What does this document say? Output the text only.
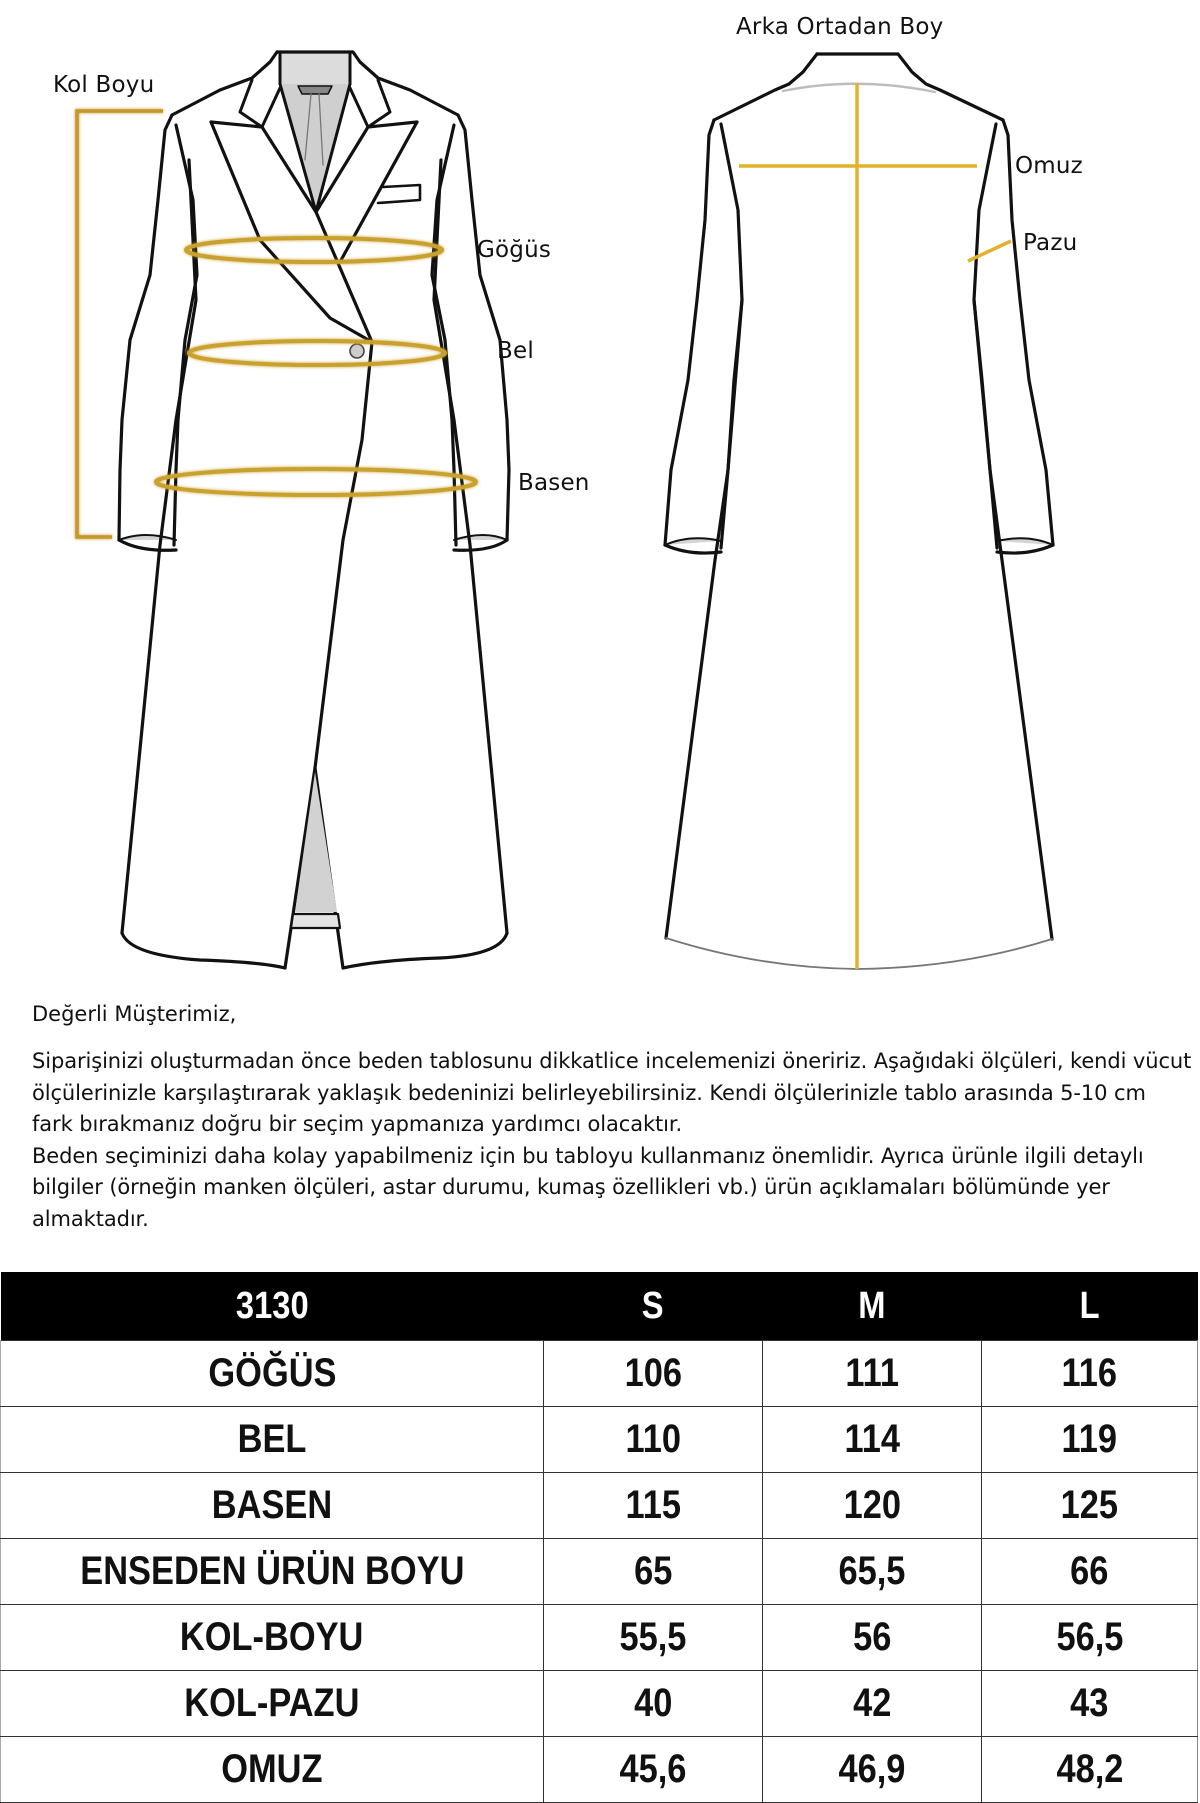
Kol Boyu
Göğüs
Bel
Basen
Arka Ortadan Boy
Omuz
Pazu

Değerli Müşterimiz,

Siparişinizi oluşturmadan önce beden tablosunu dikkatlice incelemenizi öneririz. Aşağıdaki ölçüleri, kendi vücut ölçülerinizle karşılaştırarak yaklaşık bedeninizi belirleyebilirsiniz. Kendi ölçülerinizle tablo arasında 5-10 cm fark bırakmanız doğru bir seçim yapmanıza yardımcı olacaktır.

Beden seçiminizi daha kolay yapabilmeniz için bu tabloyu kullanmanız önemlidir. Ayrıca ürünle ilgili detaylı bilgiler (örneğin manken ölçüleri, astar durumu, kumaş özellikleri vb.) ürün açıklamaları bölümünde yer almaktadır.

3130	S	M	L
GÖĞÜS	106	111	116
BEL	110	114	119
BASEN	115	120	125
ENSEDEN ÜRÜN BOYU	65	65,5	66
KOL-BOYU	55,5	56	56,5
KOL-PAZU	40	42	43
OMUZ	45,6	46,9	48,2
